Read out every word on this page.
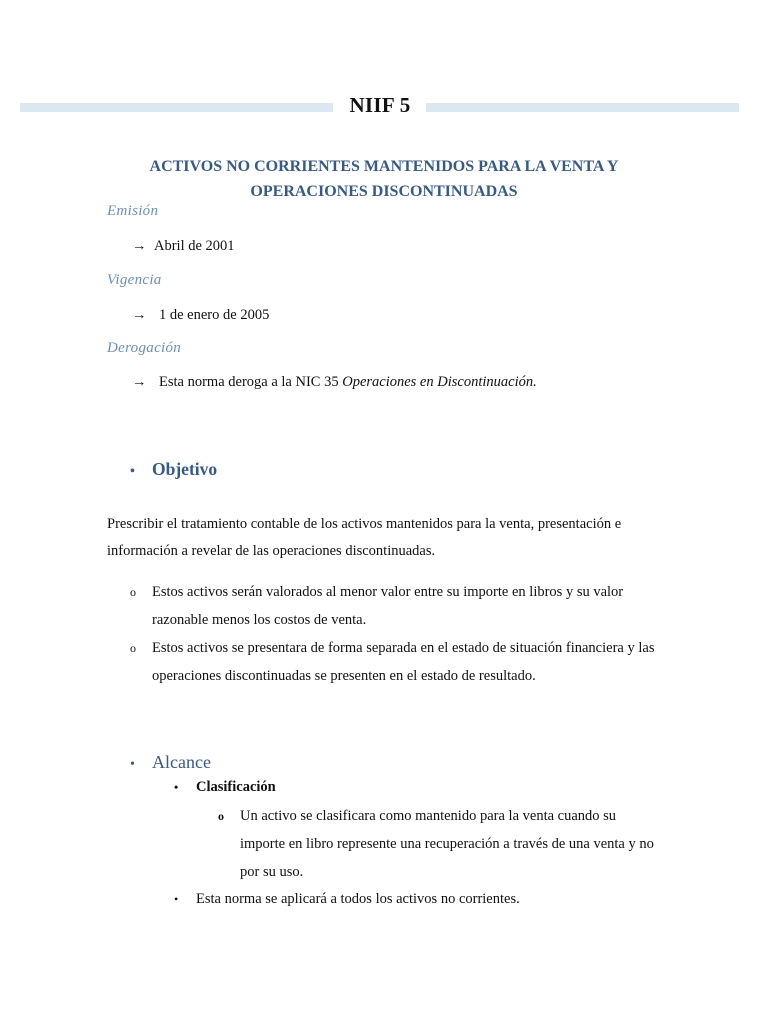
NIIF 5
ACTIVOS NO CORRIENTES MANTENIDOS PARA LA VENTA Y OPERACIONES DISCONTINUADAS
Emisión
→ Abril de 2001
Vigencia
→ 1 de enero de 2005
Derogación
→ Esta norma deroga a la NIC 35 Operaciones en Discontinuación.
• Objetivo
Prescribir el tratamiento contable de los activos mantenidos para la venta, presentación e información a revelar de las operaciones discontinuadas.
o Estos activos serán valorados al menor valor entre su importe en libros y su valor razonable menos los costos de venta.
o Estos activos se presentara de forma separada en el estado de situación financiera y las operaciones discontinuadas se presenten en el estado de resultado.
• Alcance
• Clasificación
o Un activo se clasificara como mantenido para la venta cuando su importe en libro represente una recuperación a través de una venta y no por su uso.
• Esta norma se aplicará a todos los activos no corrientes.
